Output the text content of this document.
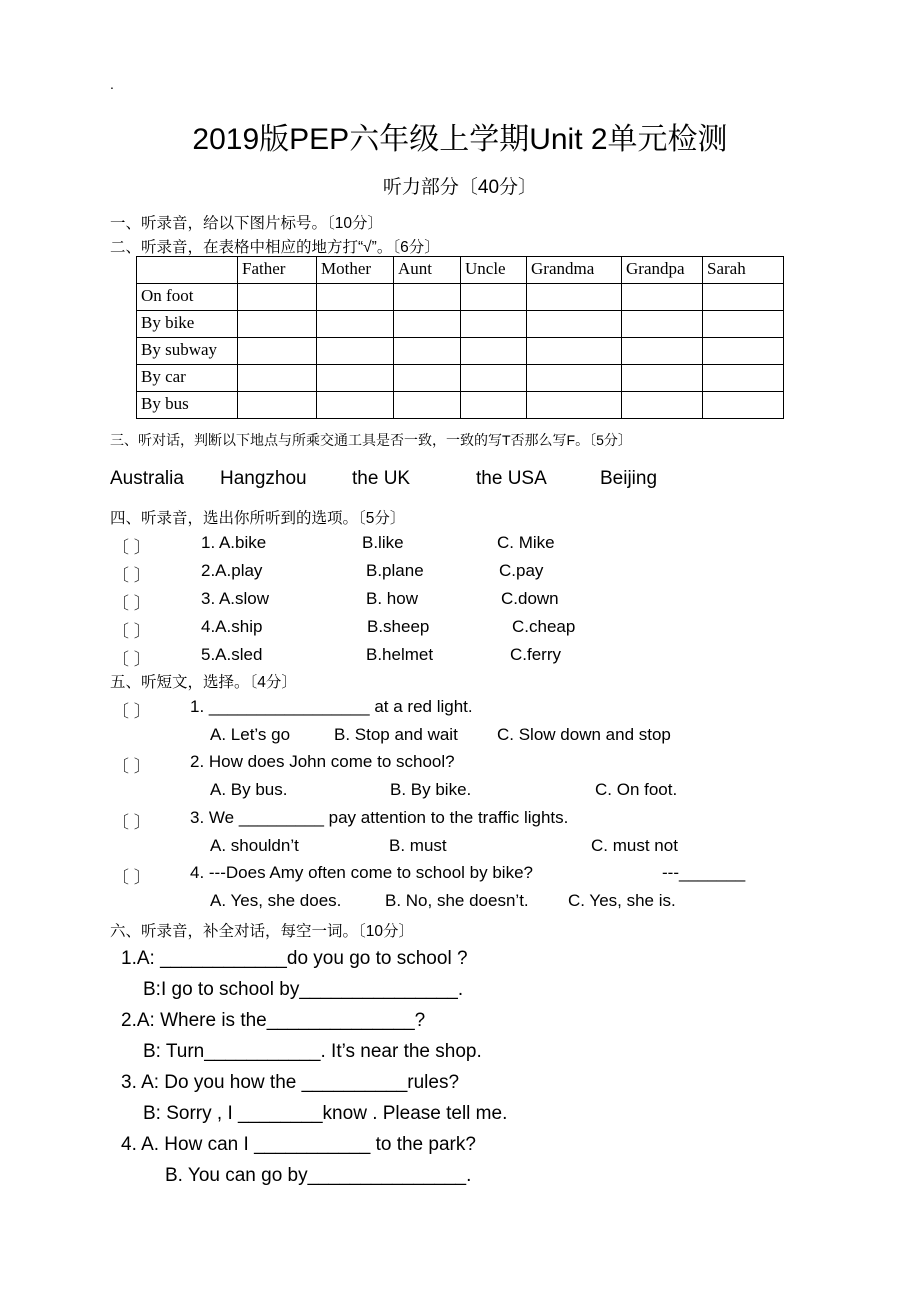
.
2019版PEP六年级上学期Unit 2单元检测
听力部分〔40分〕
一、听录音，给以下图片标号。〔10分〕
二、听录音，在表格中相应的地方打“√”。〔6分〕
	Father	Mother	Aunt	Uncle	Grandma	Grandpa	Sarah
On foot							
By bike							
By subway							
By car							
By bus							
三、听对话，判断以下地点与所乘交通工具是否一致，一致的写T否那么写F。〔5分〕
Australia Hangzhou the UK	the USA	Beijing
四、听录音，选出你所听到的选项。〔5分〕
〔 〕	1. A.bike	B.like	C. Mike
〔 〕	2.A.play	B.plane	C.pay
〔 〕	3. A.slow	B. how	C.down
〔 〕	4.A.ship	B.sheep	C.cheap
〔 〕	5.A.sled	B.helmet	C.ferry
五、听短文，选择。〔4分〕
〔 〕 1. _________________ at a red light.
A. Let’s go	B. Stop and wait C. Slow down and stop
〔 〕 2. How does John come to school?
A. By bus.	B. By bike.	C. On foot.
〔 〕 3. We _________ pay attention to the traffic lights.
A. shouldn’t	B. must	C. must not
〔 〕 4. ---Does Amy often come to school by bike?	---_______
A. Yes, she does.	B. No, she doesn’t. C. Yes, she is.
六、听录音，补全对话，每空一词。〔10分〕
1.A: ____________do you go to school ?
B:I go to school by_______________.
2.A: Where is the______________?
B: Turn___________. It’s near the shop.
3. A: Do you how the __________rules?
B: Sorry , I ________know . Please tell me.
4. A. How can I ___________ to the park?
B. You can go by_______________.
